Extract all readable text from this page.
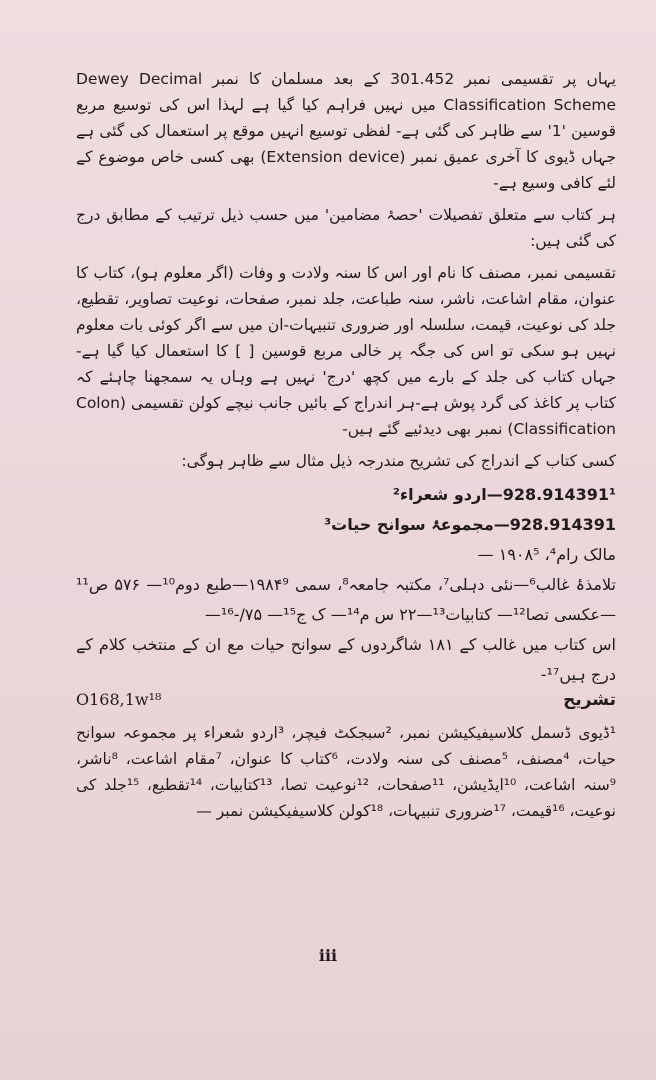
یہاں پر تقسیمی نمبر 301.452 کے بعد مسلمان کا نمبر Dewey Decimal Classification Scheme میں نہیں فراہم کیا گیا ہے لہذا اس کی توسیع مربع قوسین '1' سے ظاہر کی گئی ہے- لفظی توسیع انہیں موقع پر استعمال کی گئی ہے جہاں ڈیوی کا آخری عمیق نمبر (Extension device) بھی کسی خاص موضوع کے لئے کافی وسیع ہے-

ہر کتاب سے متعلق تفصیلات 'حصۂ مضامین' میں حسب ذیل ترتیب کے مطابق درج کی گئی ہیں:

تقسیمی نمبر، مصنف کا نام اور اس کا سنہ ولادت و وفات (اگر معلوم ہو)، کتاب کا عنوان، مقام اشاعت، ناشر، سنہ طباعت، جلد نمبر، صفحات، نوعیت تصاویر، تقطیع، جلد کی نوعیت، قیمت، سلسلہ اور ضروری تنبیہات-ان میں سے اگر کوئی بات معلوم نہیں ہو سکی تو اس کی جگہ پر خالی مربع قوسین [ ] کا استعمال کیا گیا ہے- جہاں کتاب کی جلد کے بارے میں کچھ 'درج' نہیں ہے وہاں یہ سمجھنا چاہئے کہ کتاب پر کاغذ کی گرد پوش ہے-ہر اندراج کے بائیں جانب نیچے کولن تقسیمی (Colon Classification) نمبر بھی دیدئیے گئے ہیں-

کسی کتاب کے اندراج کی تشریح مندرجہ ذیل مثال سے ظاہر ہوگی:

928.914391¹—اردو شعراء²

928.914391—مجموعۂ سوانح حیات³

مالک رام⁴، ۱۹۰۸⁵ —

تلامذۂ غالب⁶—نئی دہلی⁷، مکتبہ جامعہ⁸، سمی ۱۹۸۴⁹—طبع دوم¹⁰— ۵۷۶ ص¹¹—عکسی تصا¹²— کتابیات¹³—۲۲ س م¹⁴— ک ج¹⁵— ۷۵/-¹⁶—

اس کتاب میں غالب کے ۱۸۱ شاگردوں کے سوانح حیات مع ان کے منتخب کلام کے درج ہیں¹⁷-

O168,1w¹⁸	تشریح

¹ڈیوی ڈسمل کلاسیفیکیشن نمبر، ²سبجکٹ فیچر، ³اردو شعراء پر مجموعہ سوانح حیات، ⁴مصنف، ⁵مصنف کی سنہ ولادت، ⁶کتاب کا عنوان، ⁷مقام اشاعت، ⁸ناشر، ⁹سنہ اشاعت، ¹⁰ایڈیشن، ¹¹صفحات، ¹²نوعیت تصا، ¹³کتابیات، ¹⁴تقطیع، ¹⁵جلد کی نوعیت، ¹⁶قیمت، ¹⁷ضروری تنبیہات، ¹⁸کولن کلاسیفیکیشن نمبر —

iii
